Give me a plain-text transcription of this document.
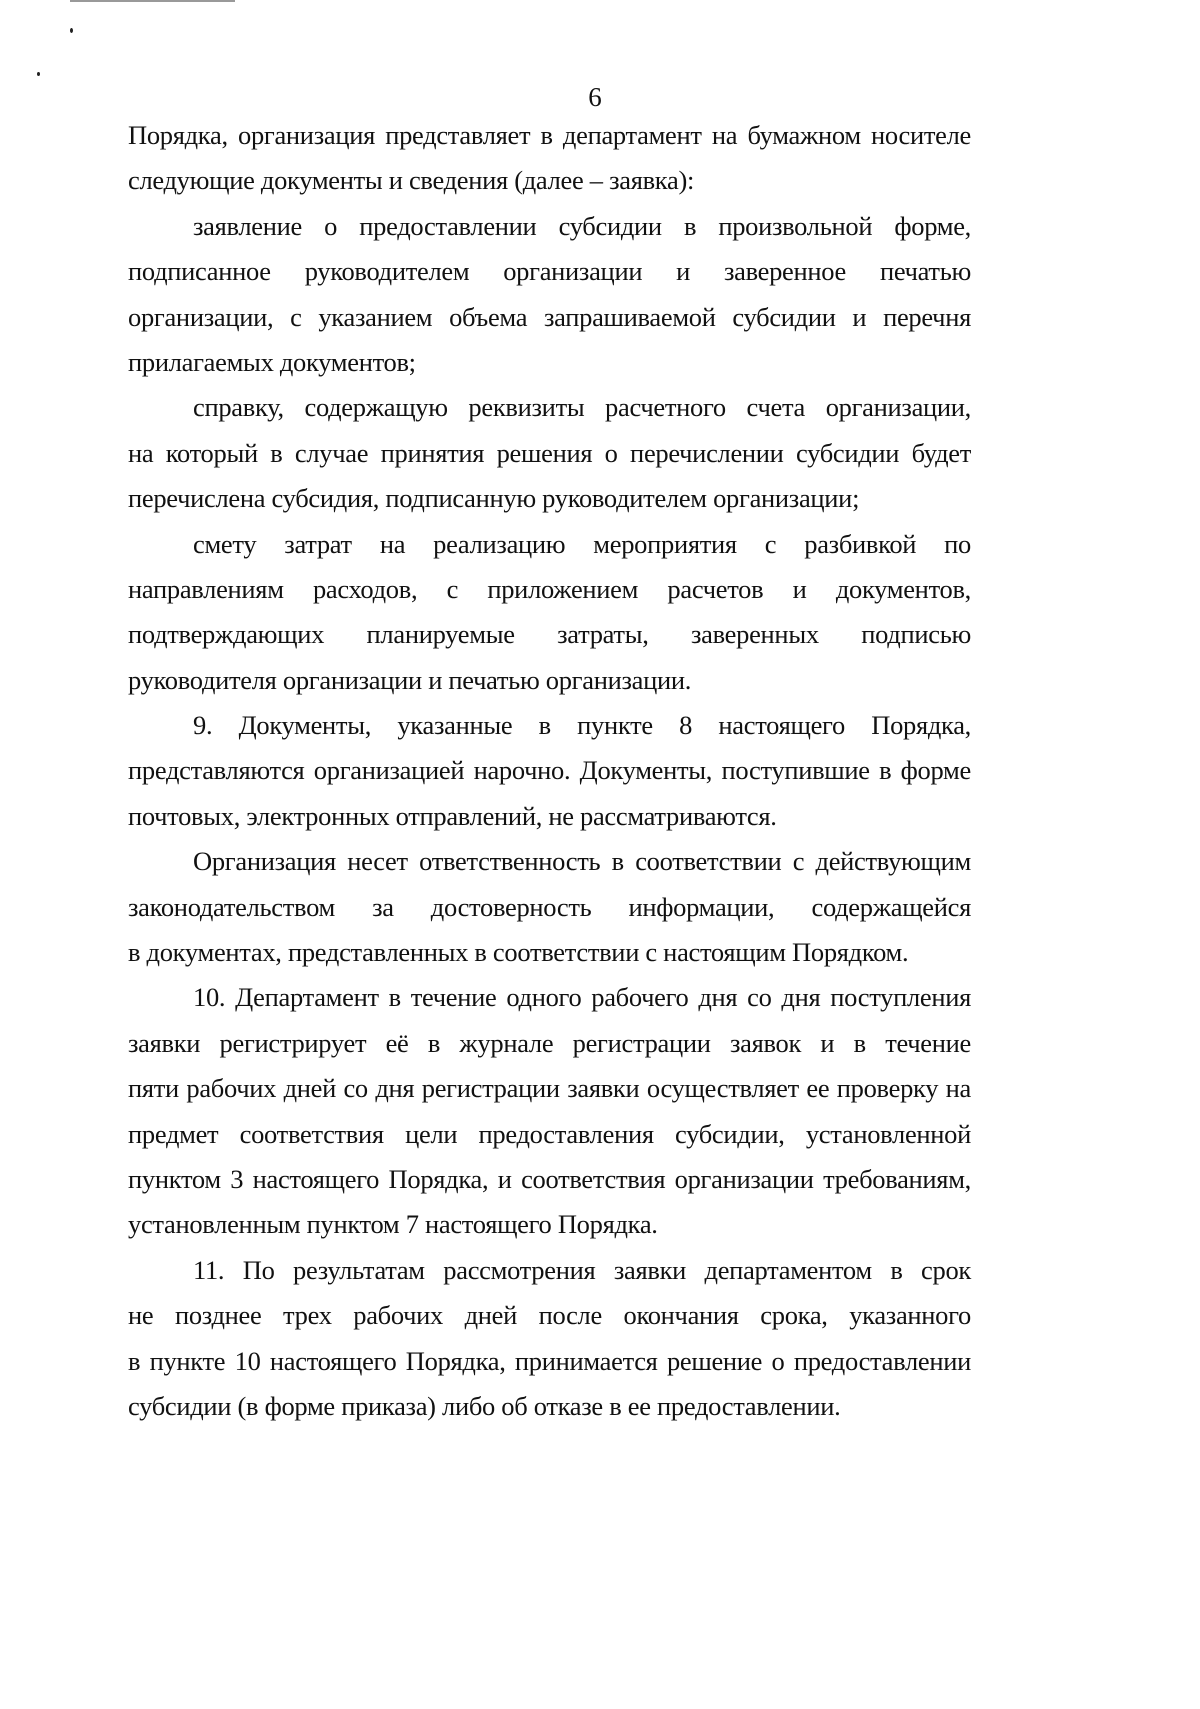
6
Порядка, организация представляет в департамент на бумажном носителе
следующие документы и сведения (далее – заявка):
заявление о предоставлении субсидии в произвольной форме,
подписанное руководителем организации и заверенное печатью
организации, с указанием объема запрашиваемой субсидии и перечня
прилагаемых документов;
справку, содержащую реквизиты расчетного счета организации,
на который в случае принятия решения о перечислении субсидии будет
перечислена субсидия, подписанную руководителем организации;
смету затрат на реализацию мероприятия с разбивкой по
направлениям расходов, с приложением расчетов и документов,
подтверждающих планируемые затраты, заверенных подписью
руководителя организации и печатью организации.
9. Документы, указанные в пункте 8 настоящего Порядка,
представляются организацией нарочно. Документы, поступившие в форме
почтовых, электронных отправлений, не рассматриваются.
Организация несет ответственность в соответствии с действующим
законодательством за достоверность информации, содержащейся
в документах, представленных в соответствии с настоящим Порядком.
10. Департамент в течение одного рабочего дня со дня поступления
заявки регистрирует её в журнале регистрации заявок и в течение
пяти рабочих дней со дня регистрации заявки осуществляет ее проверку на
предмет соответствия цели предоставления субсидии, установленной
пунктом 3 настоящего Порядка, и соответствия организации требованиям,
установленным пунктом 7 настоящего Порядка.
11. По результатам рассмотрения заявки департаментом в срок
не позднее трех рабочих дней после окончания срока, указанного
в пункте 10 настоящего Порядка, принимается решение о предоставлении
субсидии (в форме приказа) либо об отказе в ее предоставлении.
